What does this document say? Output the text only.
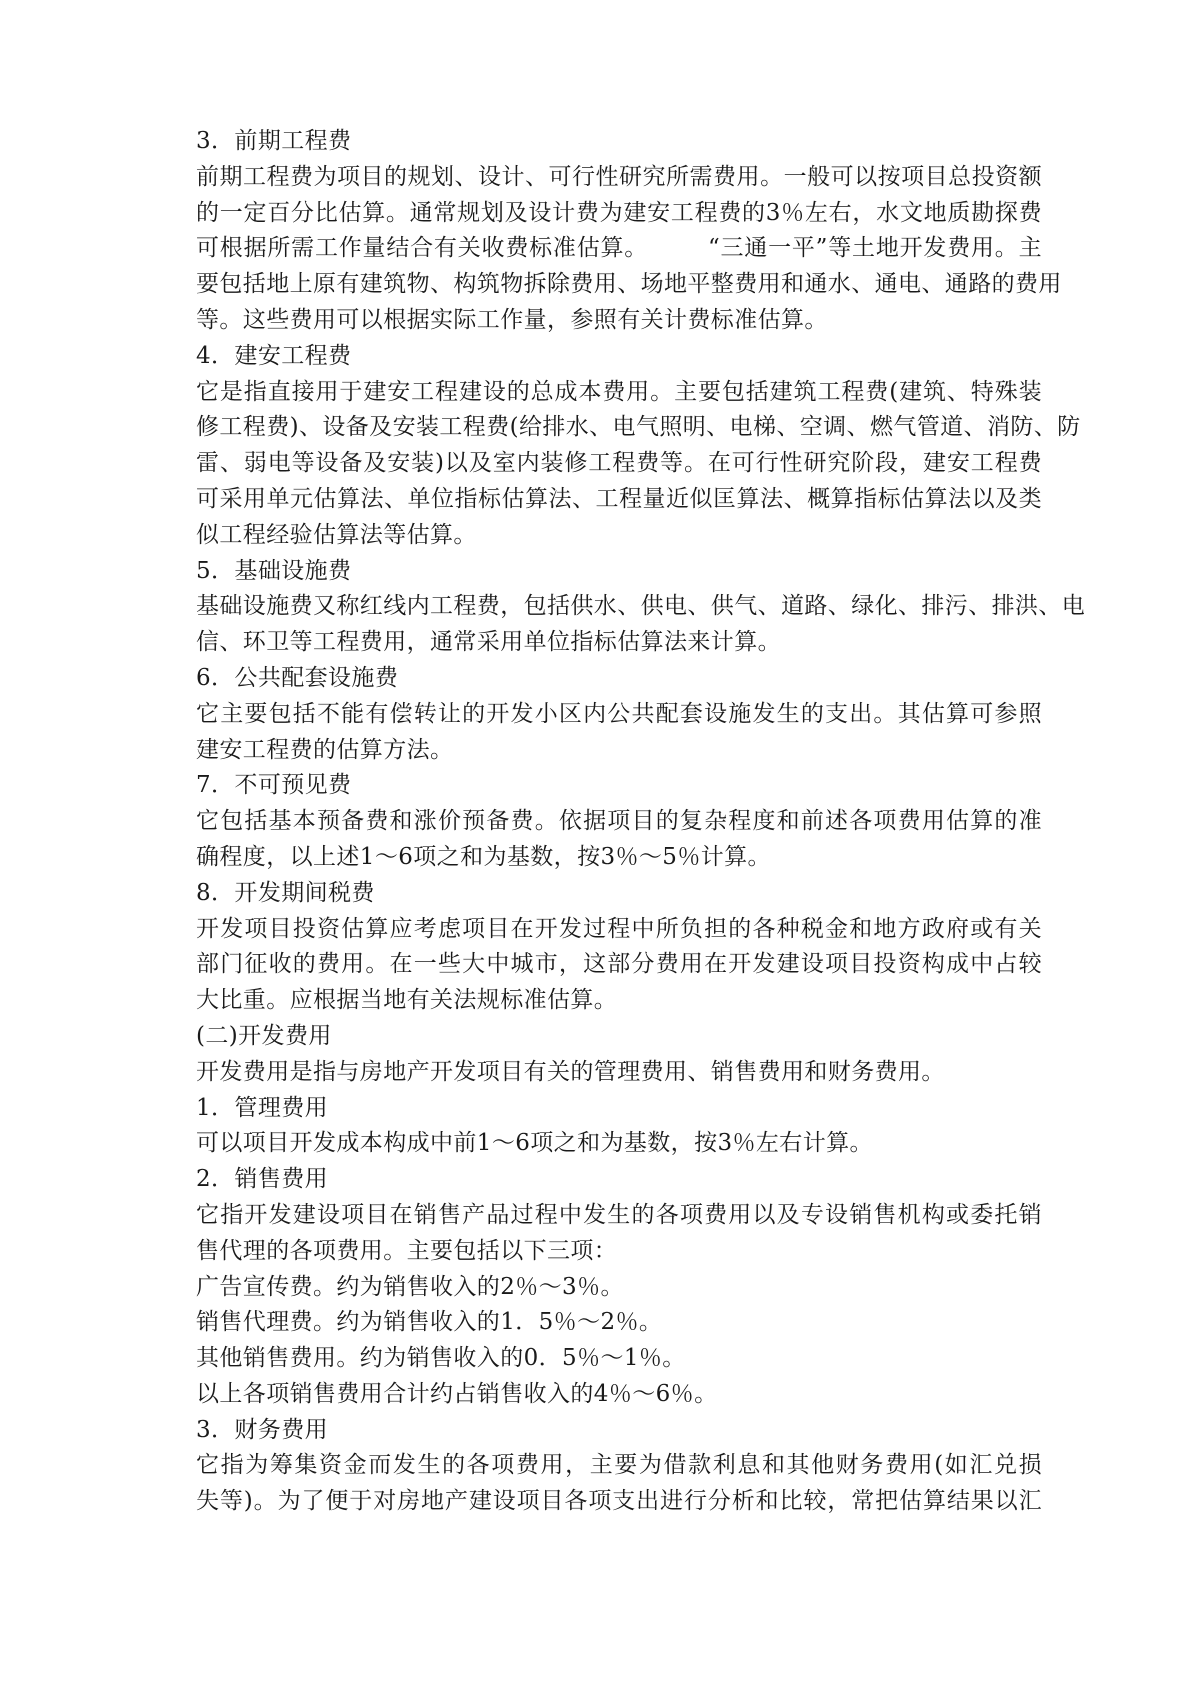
3．前期工程费
前期工程费为项目的规划、设计、可行性研究所需费用。一般可以按项目总投资额
的一定百分比估算。通常规划及设计费为建安工程费的3％左右，水文地质勘探费
可根据所需工作量结合有关收费标准估算。　　　“三通一平”等土地开发费用。主
要包括地上原有建筑物、构筑物拆除费用、场地平整费用和通水、通电、通路的费用
等。这些费用可以根据实际工作量，参照有关计费标准估算。
4．建安工程费
它是指直接用于建安工程建设的总成本费用。主要包括建筑工程费(建筑、特殊装
修工程费)、设备及安装工程费(给排水、电气照明、电梯、空调、燃气管道、消防、防
雷、弱电等设备及安装)以及室内装修工程费等。在可行性研究阶段，建安工程费
可采用单元估算法、单位指标估算法、工程量近似匡算法、概算指标估算法以及类
似工程经验估算法等估算。
5．基础设施费
基础设施费又称红线内工程费，包括供水、供电、供气、道路、绿化、排污、排洪、电
信、环卫等工程费用，通常采用单位指标估算法来计算。
6．公共配套设施费
它主要包括不能有偿转让的开发小区内公共配套设施发生的支出。其估算可参照
建安工程费的估算方法。
7．不可预见费
它包括基本预备费和涨价预备费。依据项目的复杂程度和前述各项费用估算的准
确程度，以上述1～6项之和为基数，按3％～5％计算。
8．开发期间税费
开发项目投资估算应考虑项目在开发过程中所负担的各种税金和地方政府或有关
部门征收的费用。在一些大中城市，这部分费用在开发建设项目投资构成中占较
大比重。应根据当地有关法规标准估算。
(二)开发费用
开发费用是指与房地产开发项目有关的管理费用、销售费用和财务费用。
1．管理费用
可以项目开发成本构成中前1～6项之和为基数，按3％左右计算。
2．销售费用
它指开发建设项目在销售产品过程中发生的各项费用以及专设销售机构或委托销
售代理的各项费用。主要包括以下三项：
广告宣传费。约为销售收入的2％～3％。
销售代理费。约为销售收入的1．5％～2％。
其他销售费用。约为销售收入的0．5％～1％。
以上各项销售费用合计约占销售收入的4％～6％。
3．财务费用
它指为筹集资金而发生的各项费用，主要为借款利息和其他财务费用(如汇兑损
失等)。为了便于对房地产建设项目各项支出进行分析和比较，常把估算结果以汇
